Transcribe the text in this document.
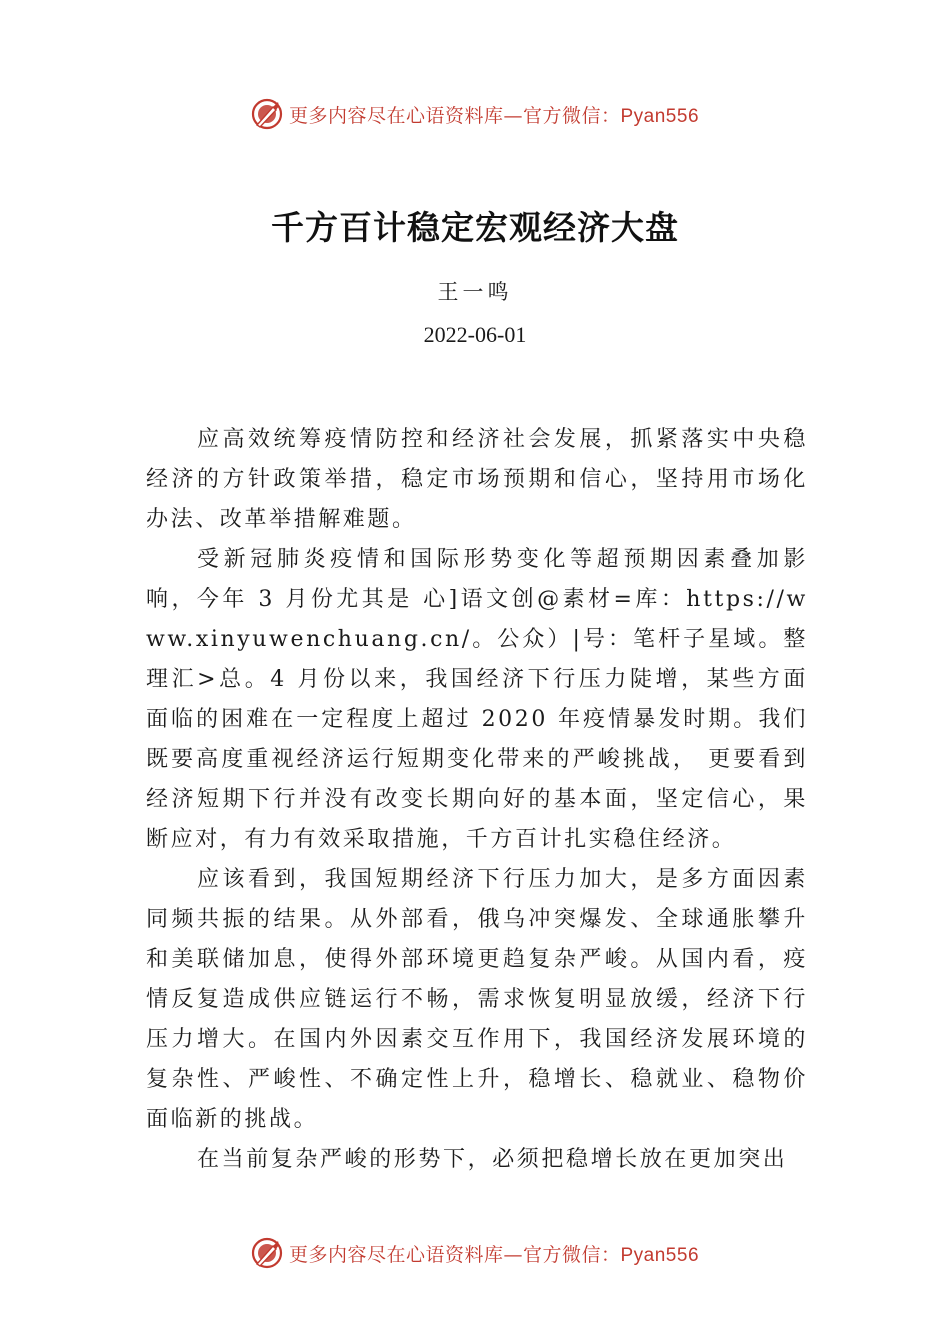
更多内容尽在心语资料库—官方微信：Pyan556
千方百计稳定宏观经济大盘
王一鸣
2022-06-01

应高效统筹疫情防控和经济社会发展，抓紧落实中央稳经济的方针政策举措，稳定市场预期和信心，坚持用市场化办法、改革举措解难题。

受新冠肺炎疫情和国际形势变化等超预期因素叠加影响，今年 3 月份尤其是 心]语文创@素材=库：https://www.xinyuwenchuang.cn/。公众）|号：笔杆子星域。整理汇>总。4 月份以来，我国经济下行压力陡增，某些方面面临的困难在一定程度上超过 2020 年疫情暴发时期。我们既要高度重视经济运行短期变化带来的严峻挑战， 更要看到经济短期下行并没有改变长期向好的基本面，坚定信心，果断应对，有力有效采取措施，千方百计扎实稳住经济。

应该看到，我国短期经济下行压力加大，是多方面因素同频共振的结果。从外部看，俄乌冲突爆发、全球通胀攀升和美联储加息，使得外部环境更趋复杂严峻。从国内看，疫情反复造成供应链运行不畅，需求恢复明显放缓，经济下行压力增大。在国内外因素交互作用下，我国经济发展环境的复杂性、严峻性、不确定性上升，稳增长、稳就业、稳物价面临新的挑战。

在当前复杂严峻的形势下，必须把稳增长放在更加突出

更多内容尽在心语资料库—官方微信：Pyan556
